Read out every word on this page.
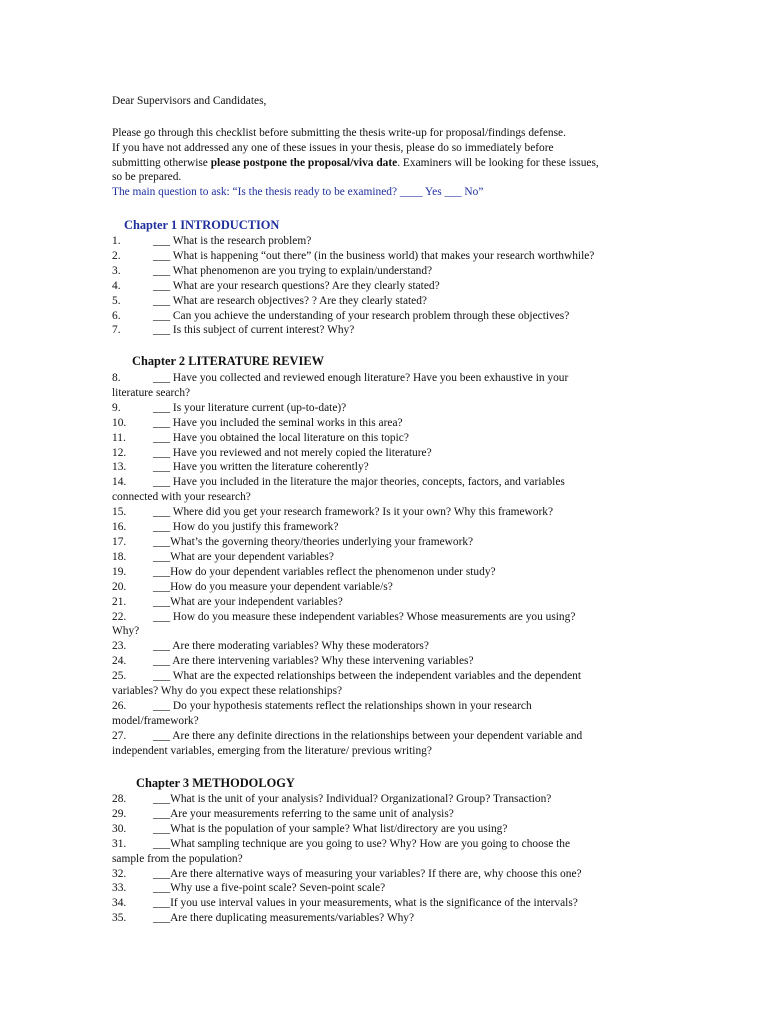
Dear Supervisors and Candidates,

Please go through this checklist before submitting the thesis write-up for proposal/findings defense.

If you have not addressed any one of these issues in your thesis, please do so immediately before

submitting otherwise please postpone the proposal/viva date. Examiners will be looking for these issues,

so be prepared.

The main question to ask: “Is the thesis ready to be examined? ____ Yes ___ No”

Chapter 1 INTRODUCTION
1.	___ What is the research problem?
2.	___ What is happening “out there” (in the business world) that makes your research worthwhile?
3.	___ What phenomenon are you trying to explain/understand?
4.	___ What are your research questions? Are they clearly stated?
5.	___ What are research objectives? ? Are they clearly stated?
6.	___ Can you achieve the understanding of your research problem through these objectives?
7.	___ Is this subject of current interest? Why?
Chapter 2 LITERATURE REVIEW
8.	___ Have you collected and reviewed enough literature? Have you been exhaustive in your
literature search?
9.	___ Is your literature current (up-to-date)?
10.	___ Have you included the seminal works in this area?
11.	___ Have you obtained the local literature on this topic?
12.	___ Have you reviewed and not merely copied the literature?
13.	___ Have you written the literature coherently?
14.	___ Have you included in the literature the major theories, concepts, factors, and variables
connected with your research?
15.	___ Where did you get your research framework? Is it your own? Why this framework?
16.	___ How do you justify this framework?
17.	___What’s the governing theory/theories underlying your framework?
18.	___What are your dependent variables?
19.	___How do your dependent variables reflect the phenomenon under study?
20.	___How do you measure your dependent variable/s?
21.	___What are your independent variables?
22.	___ How do you measure these independent variables? Whose measurements are you using?
Why?
23.	___ Are there moderating variables? Why these moderators?
24.	___ Are there intervening variables? Why these intervening variables?
25.	___ What are the expected relationships between the independent variables and the dependent
variables? Why do you expect these relationships?
26.	___ Do your hypothesis statements reflect the relationships shown in your research
model/framework?
27.	___ Are there any definite directions in the relationships between your dependent variable and
independent variables, emerging from the literature/ previous writing?
Chapter 3 METHODOLOGY
28.	___What is the unit of your analysis? Individual? Organizational? Group? Transaction?
29.	___Are your measurements referring to the same unit of analysis?
30.	___What is the population of your sample? What list/directory are you using?
31.	___What sampling technique are you going to use? Why? How are you going to choose the
sample from the population?
32.	___Are there alternative ways of measuring your variables? If there are, why choose this one?
33.	___Why use a five-point scale? Seven-point scale?
34.	___If you use interval values in your measurements, what is the significance of the intervals?
35.	___Are there duplicating measurements/variables? Why?
